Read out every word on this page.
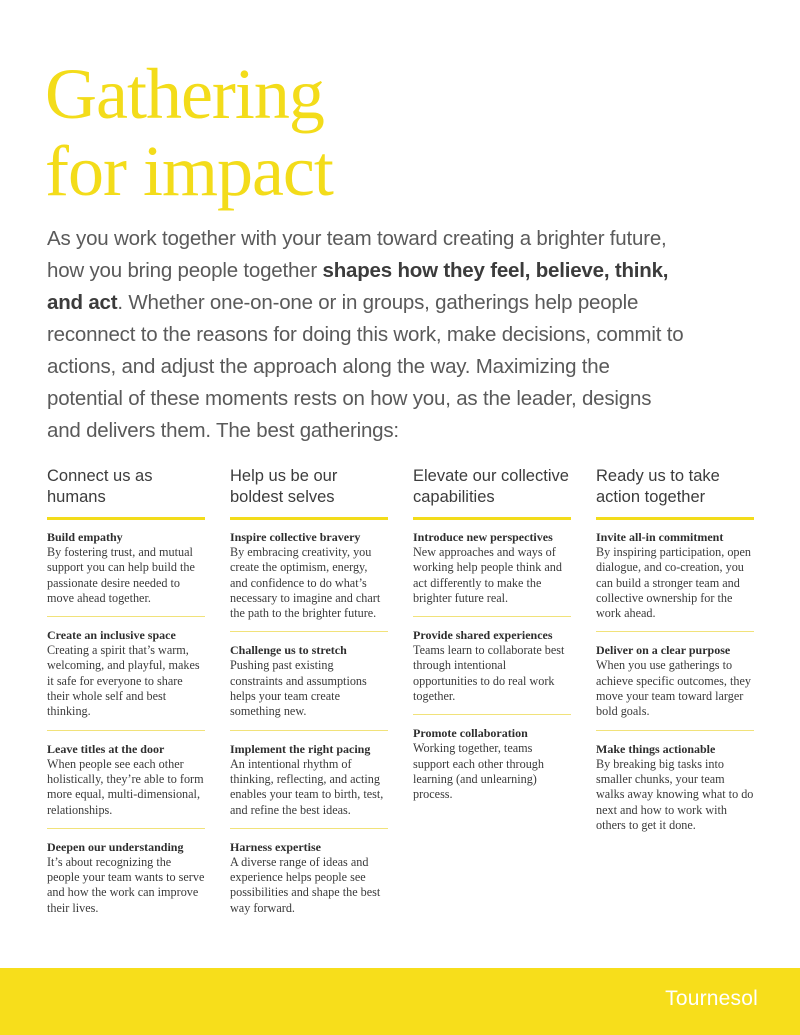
Gathering
for impact

As you work together with your team toward creating a brighter future, how you bring people together shapes how they feel, believe, think, and act. Whether one-on-one or in groups, gatherings help people reconnect to the reasons for doing this work, make decisions, commit to actions, and adjust the approach along the way. Maximizing the potential of these moments rests on how you, as the leader, designs and delivers them. The best gatherings:

Connect us as humans
Build empathy
By fostering trust, and mutual support you can help build the passionate desire needed to move ahead together.
Create an inclusive space
Creating a spirit that’s warm, welcoming, and playful, makes it safe for everyone to share their whole self and best thinking.
Leave titles at the door
When people see each other holistically, they’re able to form more equal, multi-dimensional, relationships.
Deepen our understanding
It’s about recognizing the people your team wants to serve and how the work can improve their lives.
Help us be our boldest selves
Inspire collective bravery
By embracing creativity, you create the optimism, energy, and confidence to do what’s necessary to imagine and chart the path to the brighter future.
Challenge us to stretch
Pushing past existing constraints and assumptions helps your team create something new.
Implement the right pacing
An intentional rhythm of thinking, reflecting, and acting enables your team to birth, test, and refine the best ideas.
Harness expertise
A diverse range of ideas and experience helps people see possibilities and shape the best way forward.
Elevate our collective capabilities
Introduce new perspectives
New approaches and ways of working help people think and act differently to make the brighter future real.
Provide shared experiences
Teams learn to collaborate best through intentional opportunities to do real work together.
Promote collaboration
Working together, teams support each other through learning (and unlearning) process.
Ready us to take action together
Invite all-in commitment
By inspiring participation, open dialogue, and co-creation, you can build a stronger team and collective ownership for the work ahead.
Deliver on a clear purpose
When you use gatherings to achieve specific outcomes, they move your team toward larger bold goals.
Make things actionable
By breaking big tasks into smaller chunks, your team walks away knowing what to do next and how to work with others to get it done.
Tournesol
